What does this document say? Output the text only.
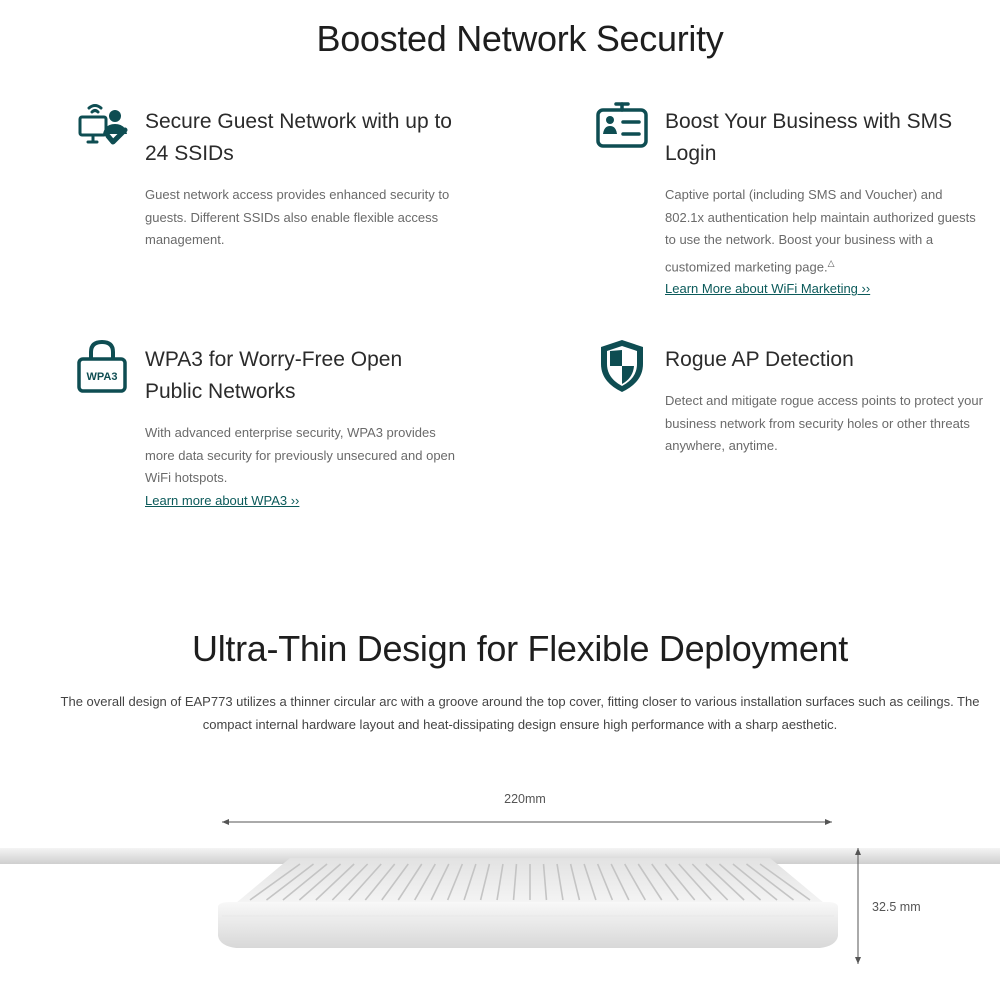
Boosted Network Security
Secure Guest Network with up to 24 SSIDs
Guest network access provides enhanced security to guests. Different SSIDs also enable flexible access management.
Boost Your Business with SMS Login
Captive portal (including SMS and Voucher) and 802.1x authentication help maintain authorized guests to use the network. Boost your business with a customized marketing page.△
Learn More about WiFi Marketing ››
WPA3
WPA3 for Worry-Free Open Public Networks
With advanced enterprise security, WPA3 provides more data security for previously unsecured and open WiFi hotspots.
Learn more about WPA3 ››
Rogue AP Detection
Detect and mitigate rogue access points to protect your business network from security holes or other threats anywhere, anytime.
Ultra-Thin Design for Flexible Deployment

The overall design of EAP773 utilizes a thinner circular arc with a groove around the top cover, fitting closer to various installation surfaces such as ceilings. The compact internal hardware layout and heat-dissipating design ensure high performance with a sharp aesthetic.

220mm
32.5 mm
